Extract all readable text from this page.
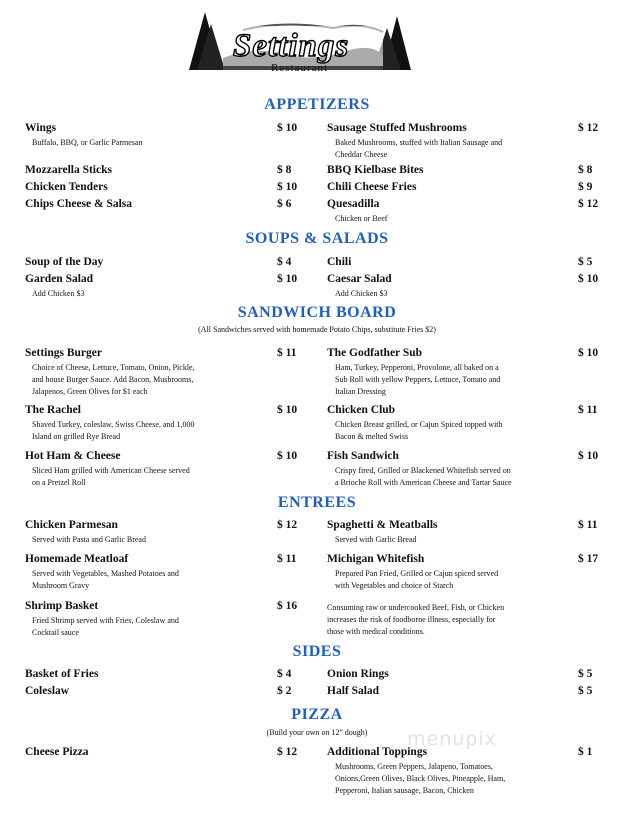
Settings
Restaurant
APPETIZERS
Wings	$ 10
Buffalo, BBQ, or Garlic Parmesan
Mozzarella Sticks	$ 8
Chicken Tenders	$ 10
Chips Cheese & Salsa	$ 6
Sausage Stuffed Mushrooms	$ 12
Baked Mushrooms, stuffed with Italian Sausage and
Cheddar Cheese
BBQ Kielbase Bites	$ 8
Chili Cheese Fries	$ 9
Quesadilla	$ 12
Chicken or Beef
SOUPS & SALADS
Soup of the Day	$ 4
Garden Salad	$ 10
Add Chicken $3
Chili	$ 5
Caesar Salad	$ 10
Add Chicken $3
SANDWICH BOARD
(All Sandwiches served with homemade Potato Chips, substitute Fries $2)
Settings Burger	$ 11
Choice of Cheese, Lettuce, Tomato, Onion, Pickle,
and house Burger Sauce. Add Bacon, Mushrooms,
Jalapenos, Green Olives for $1 each
The Rachel	$ 10
Shaved Turkey, coleslaw, Swiss Cheese, and 1,000
Island on grilled Rye Bread
Hot Ham & Cheese	$ 10
Sliced Ham grilled with American Cheese served
on a Pretzel Roll
The Godfather Sub	$ 10
Ham, Turkey, Pepperoni, Provolone, all baked on a
Sub Roll with yellow Peppers, Lettuce, Tomato and
Italian Dressing
Chicken Club	$ 11
Chicken Breast grilled, or Cajun Spiced topped with
Bacon & melted Swiss
Fish Sandwich	$ 10
Crispy fired, Grilled or Blackened Whitefish served on
a Brioche Roll with American Cheese and Tartar Sauce
ENTREES
Chicken Parmesan	$ 12
Served with Pasta and Garlic Bread
Homemade Meatloaf	$ 11
Served with Vegetables, Mashed Potatoes and
Mushroom Gravy
Shrimp Basket	$ 16
Fried Shrimp served with Fries, Coleslaw and
Cocktail sauce
Spaghetti & Meatballs	$ 11
Served with Garlic Bread
Michigan Whitefish	$ 17
Prepared Pan Fried, Grilled or Cajun spiced served
with Vegetables and choice of Starch
Consuming raw or undercooked Beef, Fish, or Chicken
increases the risk of foodborne illness, especially for
those with medical conditions.
SIDES
Basket of Fries	$ 4
Coleslaw	$ 2
Onion Rings	$ 5
Half Salad	$ 5
PIZZA
(Build your own on 12" dough)
Cheese Pizza	$ 12	Additional Toppings	$ 1
Mushrooms, Green Peppers, Jalapeno, Tomatoes,
Onions,Green Olives, Black Olives, Pineapple, Ham,
Pepperoni, Italian sausage, Bacon, Chicken
menupix
